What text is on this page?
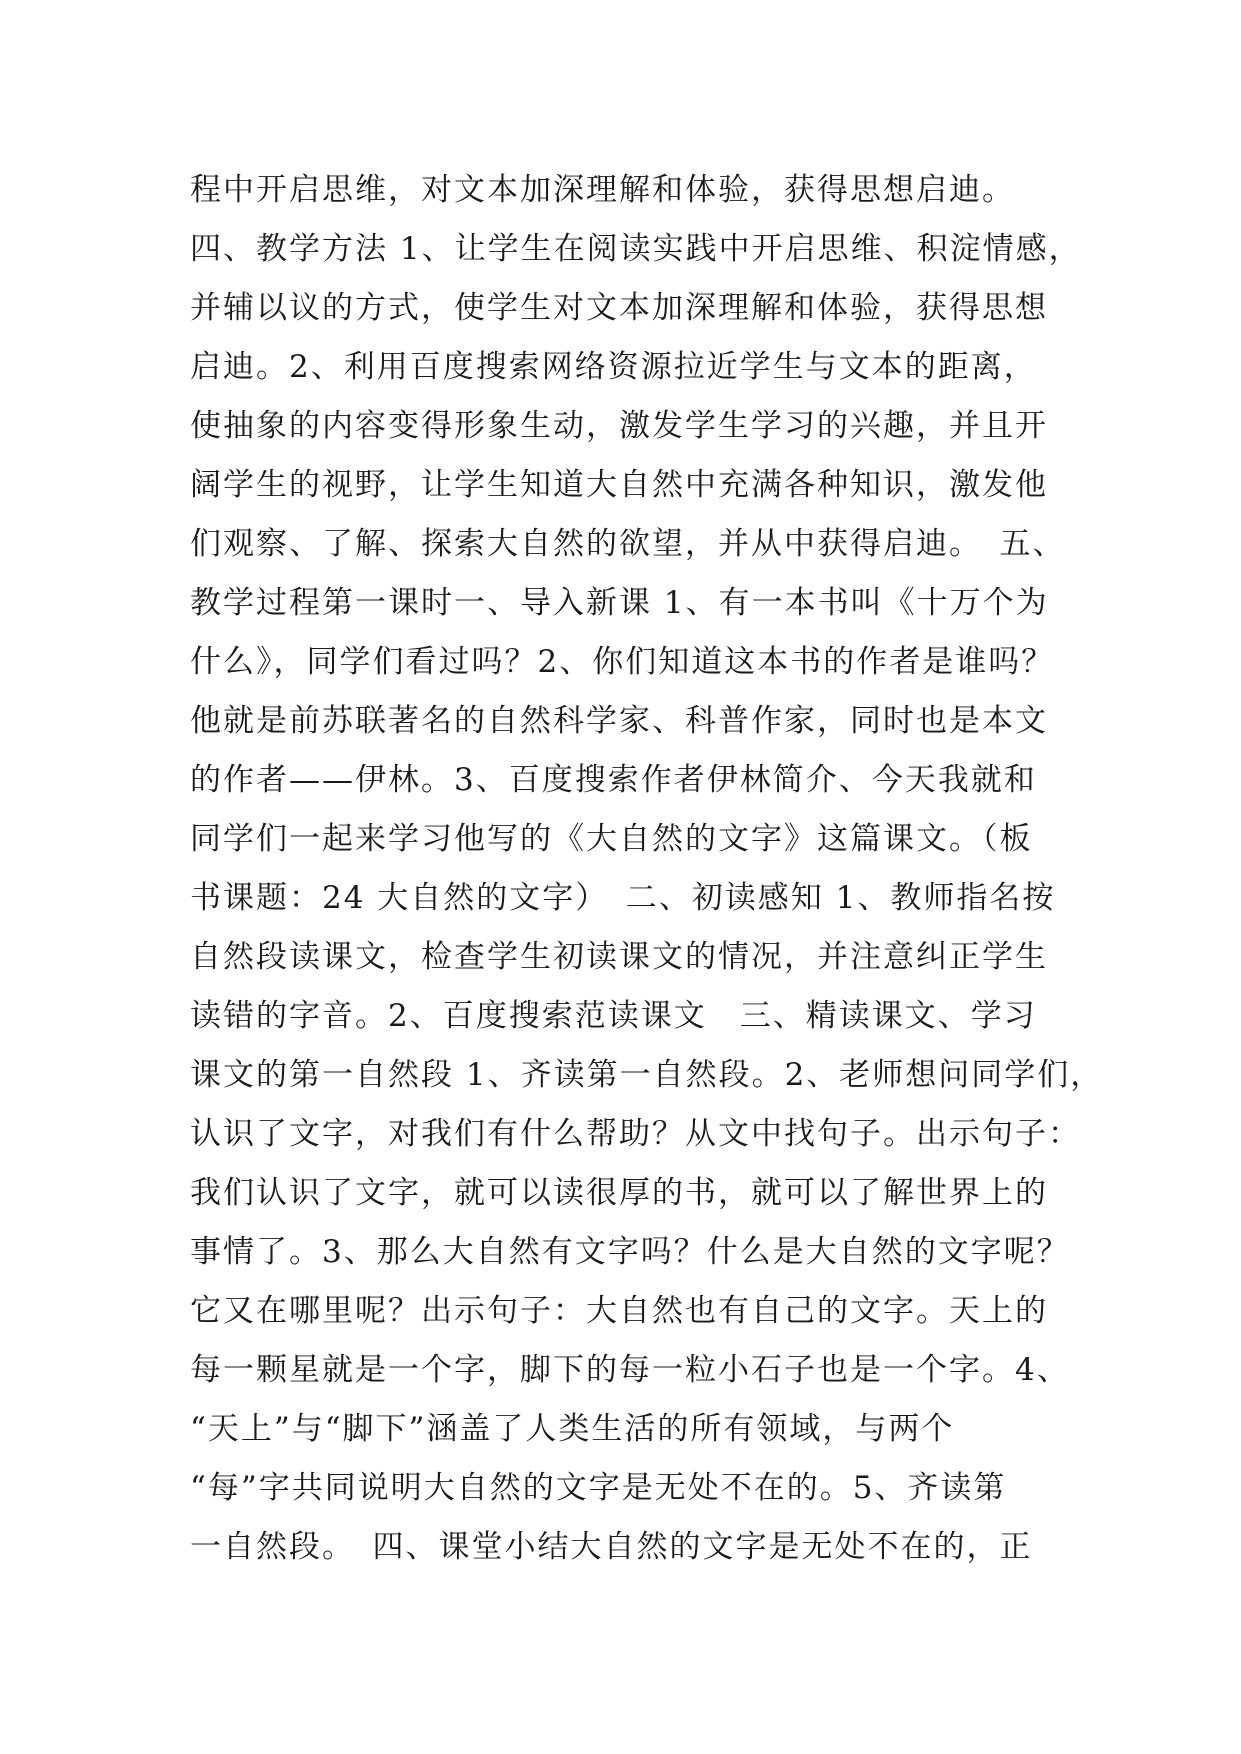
程中开启思维，对文本加深理解和体验，获得思想启迪。
四、教学方法 1、让学生在阅读实践中开启思维、积淀情感，
并辅以议的方式，使学生对文本加深理解和体验，获得思想
启迪。2、利用百度搜索网络资源拉近学生与文本的距离，
使抽象的内容变得形象生动，激发学生学习的兴趣，并且开
阔学生的视野，让学生知道大自然中充满各种知识，激发他
们观察、了解、探索大自然的欲望，并从中获得启迪。　五、
教学过程第一课时一、导入新课 1、有一本书叫《十万个为
什么》，同学们看过吗？2、你们知道这本书的作者是谁吗？
他就是前苏联著名的自然科学家、科普作家，同时也是本文
的作者——伊林。3、百度搜索作者伊林简介、今天我就和
同学们一起来学习他写的《大自然的文字》这篇课文。（板
书课题：24 大自然的文字）　二、初读感知 1、教师指名按
自然段读课文，检查学生初读课文的情况，并注意纠正学生
读错的字音。2、百度搜索范读课文　三、精读课文、学习
课文的第一自然段 1、齐读第一自然段。2、老师想问同学们，
认识了文字，对我们有什么帮助？从文中找句子。出示句子：
我们认识了文字，就可以读很厚的书，就可以了解世界上的
事情了。3、那么大自然有文字吗？什么是大自然的文字呢？
它又在哪里呢？出示句子：大自然也有自己的文字。天上的
每一颗星就是一个字，脚下的每一粒小石子也是一个字。4、
“天上”与“脚下”涵盖了人类生活的所有领域，与两个
“每”字共同说明大自然的文字是无处不在的。5、齐读第
一自然段。　四、课堂小结大自然的文字是无处不在的，正
